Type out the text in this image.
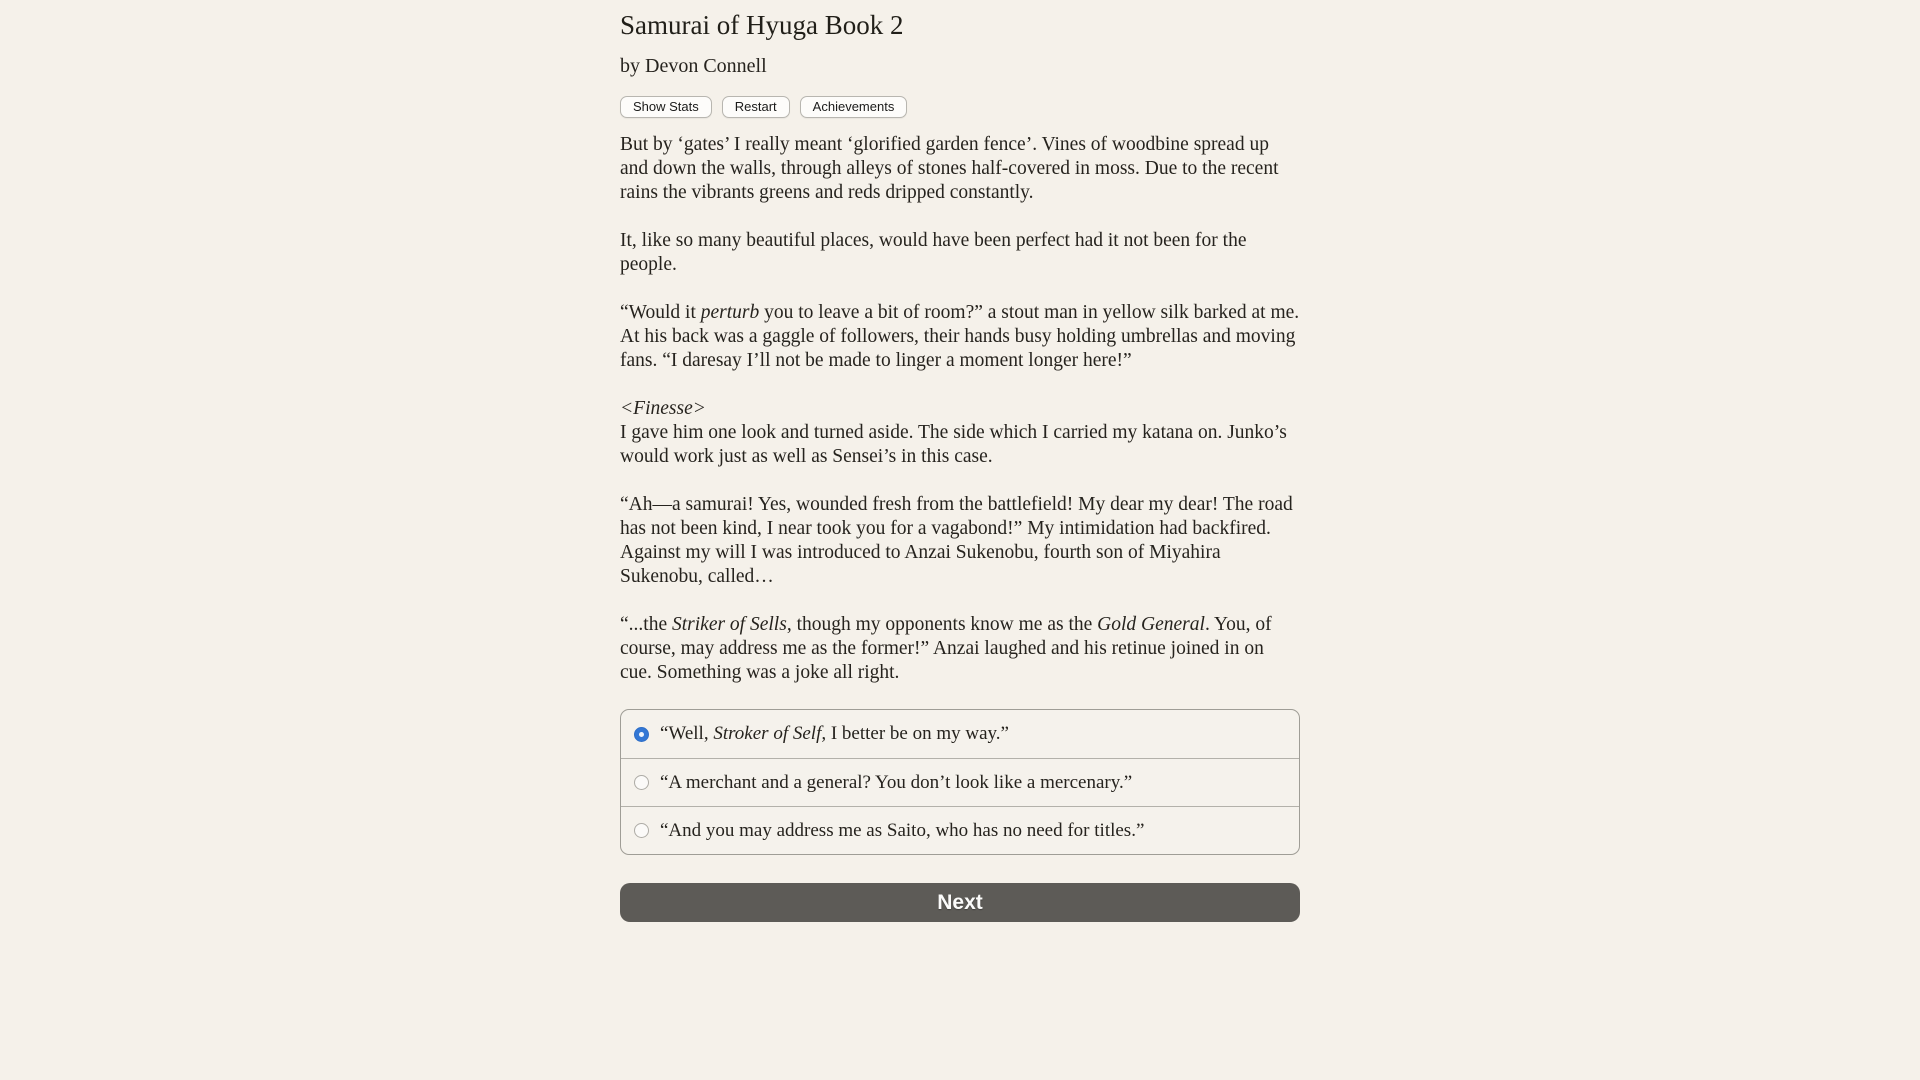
Samurai of Hyuga Book 2
by Devon Connell
Show Stats	Restart	Achievements

But by ‘gates’ I really meant ‘glorified garden fence’. Vines of woodbine spread up and down the walls, through alleys of stones half-covered in moss. Due to the recent rains the vibrants greens and reds dripped constantly.

It, like so many beautiful places, would have been perfect had it not been for the people.

“Would it perturb you to leave a bit of room?” a stout man in yellow silk barked at me. At his back was a gaggle of followers, their hands busy holding umbrellas and moving fans. “I daresay I’ll not be made to linger a moment longer here!”

<Finesse>
I gave him one look and turned aside. The side which I carried my katana on. Junko’s would work just as well as Sensei’s in this case.

“Ah—a samurai! Yes, wounded fresh from the battlefield! My dear my dear! The road has not been kind, I near took you for a vagabond!” My intimidation had backfired. Against my will I was introduced to Anzai Sukenobu, fourth son of Miyahira Sukenobu, called…

“...the Striker of Sells, though my opponents know me as the Gold General. You, of course, may address me as the former!” Anzai laughed and his retinue joined in on cue. Something was a joke all right.

“Well, Stroker of Self, I better be on my way.”
“A merchant and a general? You don’t look like a mercenary.”
“And you may address me as Saito, who has no need for titles.”
Next
